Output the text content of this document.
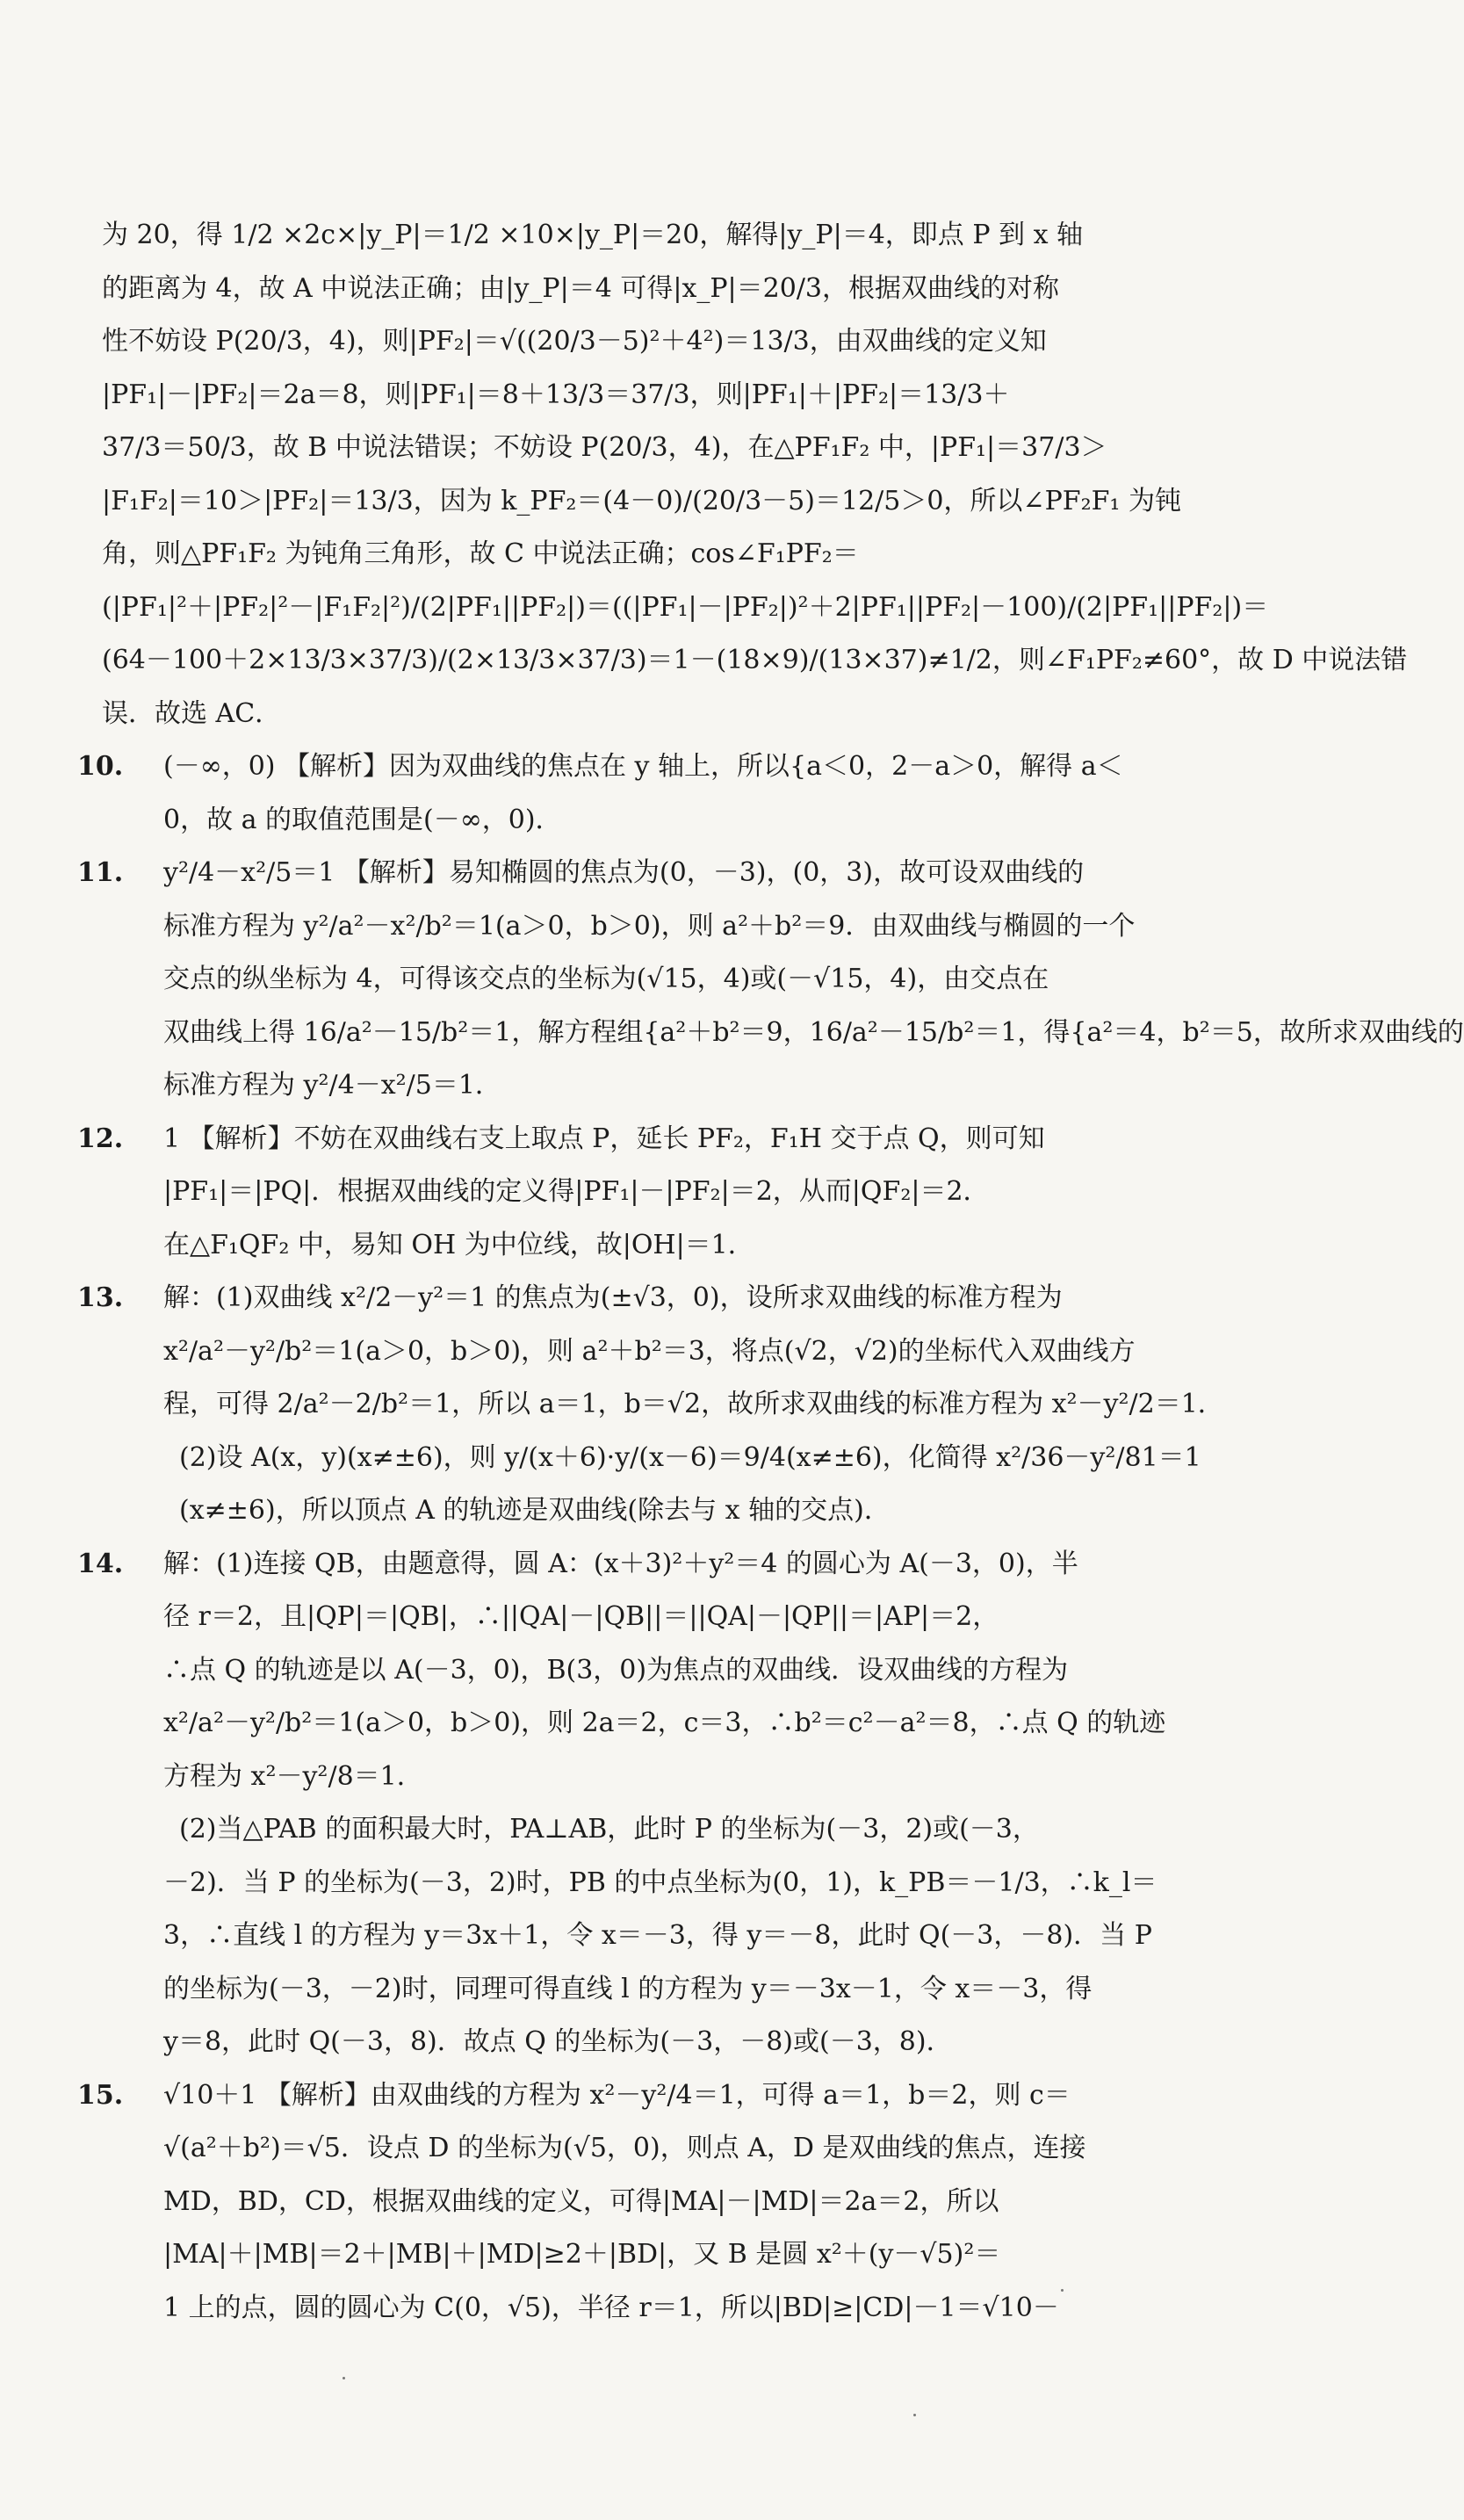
为 20，得 1/2 ×2c×|y_P|＝1/2 ×10×|y_P|＝20，解得|y_P|＝4，即点 P 到 x 轴
的距离为 4，故 A 中说法正确；由|y_P|＝4 可得|x_P|＝20/3，根据双曲线的对称
性不妨设 P(20/3，4)，则|PF₂|＝√((20/3－5)²＋4²)＝13/3，由双曲线的定义知
|PF₁|－|PF₂|＝2a＝8，则|PF₁|＝8＋13/3＝37/3，则|PF₁|＋|PF₂|＝13/3＋
37/3＝50/3，故 B 中说法错误；不妨设 P(20/3，4)，在△PF₁F₂ 中，|PF₁|＝37/3＞
|F₁F₂|＝10＞|PF₂|＝13/3，因为 k_PF₂＝(4－0)/(20/3－5)＝12/5＞0，所以∠PF₂F₁ 为钝
角，则△PF₁F₂ 为钝角三角形，故 C 中说法正确；cos∠F₁PF₂＝
(|PF₁|²＋|PF₂|²－|F₁F₂|²)/(2|PF₁||PF₂|)＝((|PF₁|－|PF₂|)²＋2|PF₁||PF₂|－100)/(2|PF₁||PF₂|)＝
(64－100＋2×13/3×37/3)/(2×13/3×37/3)＝1－(18×9)/(13×37)≠1/2，则∠F₁PF₂≠60°，故 D 中说法错
误．故选 AC．
10.	(－∞，0) 【解析】因为双曲线的焦点在 y 轴上，所以{a＜0，2－a＞0，解得 a＜
0，故 a 的取值范围是(－∞，0)．
11.	y²/4－x²/5＝1 【解析】易知椭圆的焦点为(0，－3)，(0，3)，故可设双曲线的
标准方程为 y²/a²－x²/b²＝1(a＞0，b＞0)，则 a²＋b²＝9．由双曲线与椭圆的一个
交点的纵坐标为 4，可得该交点的坐标为(√15，4)或(－√15，4)，由交点在
双曲线上得 16/a²－15/b²＝1，解方程组{a²＋b²＝9，16/a²－15/b²＝1，得{a²＝4，b²＝5，故所求双曲线的
标准方程为 y²/4－x²/5＝1．
12.	1 【解析】不妨在双曲线右支上取点 P，延长 PF₂，F₁H 交于点 Q，则可知
|PF₁|＝|PQ|．根据双曲线的定义得|PF₁|－|PF₂|＝2，从而|QF₂|＝2．
在△F₁QF₂ 中，易知 OH 为中位线，故|OH|＝1．
13.	解：(1)双曲线 x²/2－y²＝1 的焦点为(±√3，0)，设所求双曲线的标准方程为
x²/a²－y²/b²＝1(a＞0，b＞0)，则 a²＋b²＝3，将点(√2，√2)的坐标代入双曲线方
程，可得 2/a²－2/b²＝1，所以 a＝1，b＝√2，故所求双曲线的标准方程为 x²－y²/2＝1．
(2)设 A(x，y)(x≠±6)，则 y/(x＋6)·y/(x－6)＝9/4(x≠±6)，化简得 x²/36－y²/81＝1
(x≠±6)，所以顶点 A 的轨迹是双曲线(除去与 x 轴的交点)．
14.	解：(1)连接 QB，由题意得，圆 A：(x＋3)²＋y²＝4 的圆心为 A(－3，0)，半
径 r＝2，且|QP|＝|QB|，∴||QA|－|QB||＝||QA|－|QP||＝|AP|＝2，
∴点 Q 的轨迹是以 A(－3，0)，B(3，0)为焦点的双曲线．设双曲线的方程为
x²/a²－y²/b²＝1(a＞0，b＞0)，则 2a＝2，c＝3，∴b²＝c²－a²＝8，∴点 Q 的轨迹
方程为 x²－y²/8＝1．
(2)当△PAB 的面积最大时，PA⊥AB，此时 P 的坐标为(－3，2)或(－3，
－2)．当 P 的坐标为(－3，2)时，PB 的中点坐标为(0，1)，k_PB＝－1/3，∴k_l＝
3，∴直线 l 的方程为 y＝3x＋1，令 x＝－3，得 y＝－8，此时 Q(－3，－8)．当 P
的坐标为(－3，－2)时，同理可得直线 l 的方程为 y＝－3x－1，令 x＝－3，得
y＝8，此时 Q(－3，8)．故点 Q 的坐标为(－3，－8)或(－3，8)．
15.	√10＋1 【解析】由双曲线的方程为 x²－y²/4＝1，可得 a＝1，b＝2，则 c＝
√(a²＋b²)＝√5．设点 D 的坐标为(√5，0)，则点 A，D 是双曲线的焦点，连接
MD，BD，CD，根据双曲线的定义，可得|MA|－|MD|＝2a＝2，所以
|MA|＋|MB|＝2＋|MB|＋|MD|≥2＋|BD|，又 B 是圆 x²＋(y－√5)²＝
1 上的点，圆的圆心为 C(0，√5)，半径 r＝1，所以|BD|≥|CD|－1＝√10－
